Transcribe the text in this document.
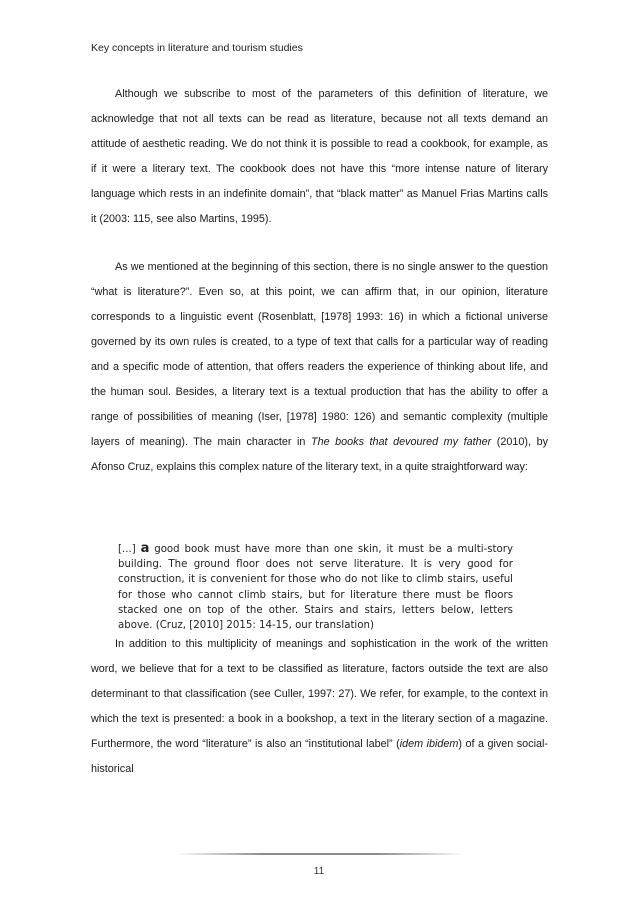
Key concepts in literature and tourism studies

Although we subscribe to most of the parameters of this definition of literature, we acknowledge that not all texts can be read as literature, because not all texts demand an attitude of aesthetic reading. We do not think it is possible to read a cookbook, for example, as if it were a literary text. The cookbook does not have this “more intense nature of literary language which rests in an indefinite domain”, that “black matter” as Manuel Frias Martins calls it (2003: 115, see also Martins, 1995).

As we mentioned at the beginning of this section, there is no single answer to the question “what is literature?”. Even so, at this point, we can affirm that, in our opinion, literature corresponds to a linguistic event (Rosenblatt, [1978] 1993: 16) in which a fictional universe governed by its own rules is created, to a type of text that calls for a particular way of reading and a specific mode of attention, that offers readers the experience of thinking about life, and the human soul. Besides, a literary text is a textual production that has the ability to offer a range of possibilities of meaning (Iser, [1978] 1980: 126) and semantic complexity (multiple layers of meaning). The main character in The books that devoured my father (2010), by Afonso Cruz, explains this complex nature of the literary text, in a quite straightforward way:

[...] a good book must have more than one skin, it must be a multi-story building. The ground floor does not serve literature. It is very good for construction, it is convenient for those who do not like to climb stairs, useful for those who cannot climb stairs, but for literature there must be floors stacked one on top of the other. Stairs and stairs, letters below, letters above. (Cruz, [2010] 2015: 14-15, our translation)

In addition to this multiplicity of meanings and sophistication in the work of the written word, we believe that for a text to be classified as literature, factors outside the text are also determinant to that classification (see Culler, 1997: 27). We refer, for example, to the context in which the text is presented: a book in a bookshop, a text in the literary section of a magazine. Furthermore, the word “literature” is also an “institutional label” (idem ibidem) of a given social-historical

11
